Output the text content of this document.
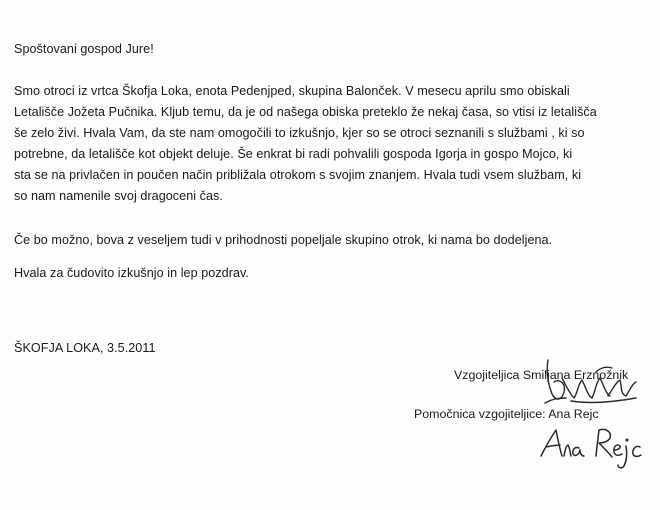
Spoštovani gospod Jure!
Smo otroci iz vrtca Škofja Loka, enota Pedenjped, skupina Balonček. V mesecu aprilu smo obiskali
Letališče Jožeta Pučnika. Kljub temu, da je od našega obiska preteklo že nekaj časa, so vtisi iz letališča
še zelo živi. Hvala Vam, da ste nam omogočili to izkušnjo, kjer so se otroci seznanili s službami , ki so
potrebne, da letališče kot objekt deluje. Še enkrat bi radi pohvalili gospoda Igorja in gospo Mojco, ki
sta se na privlačen in poučen način približala otrokom s svojim znanjem. Hvala tudi vsem službam, ki
so nam namenile svoj dragoceni čas.
Če bo možno, bova z veseljem tudi v prihodnosti popeljale skupino otrok, ki nama bo dodeljena.
Hvala za čudovito izkušnjo in lep pozdrav.
ŠKOFJA LOKA, 3.5.2011
Vzgojiteljica Smiljana Erznožnik
Pomočnica vzgojiteljice: Ana Rejc
